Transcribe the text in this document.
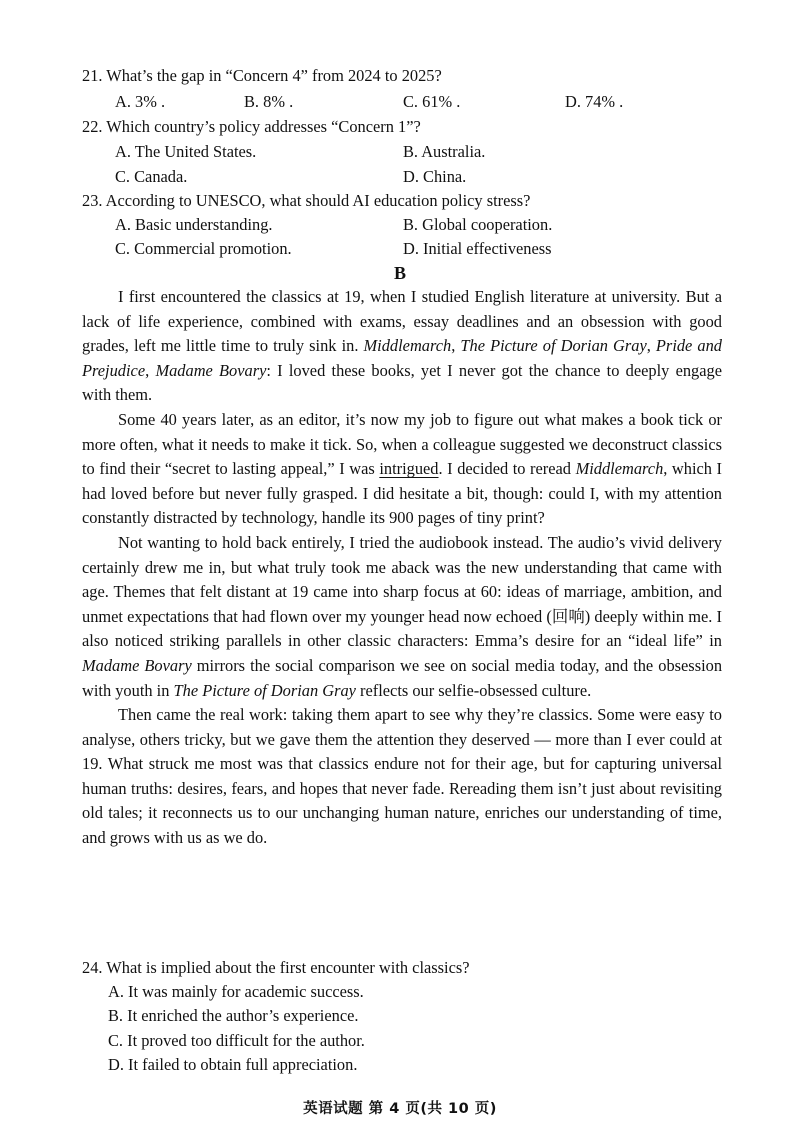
21. What’s the gap in “Concern 4” from 2024 to 2025?
A. 3% .	B. 8% .	C. 61% .	D. 74% .
22. Which country’s policy addresses “Concern 1”?
A. The United States.	B. Australia.
C. Canada.	D. China.
23. According to UNESCO, what should AI education policy stress?
A. Basic understanding.	B. Global cooperation.
C. Commercial promotion.	D. Initial effectiveness
B

I first encountered the classics at 19, when I studied English literature at university. But a lack of life experience, combined with exams, essay deadlines and an obsession with good grades, left me little time to truly sink in. Middlemarch, The Picture of Dorian Gray, Pride and Prejudice, Madame Bovary: I loved these books, yet I never got the chance to deeply engage with them.

Some 40 years later, as an editor, it’s now my job to figure out what makes a book tick or more often, what it needs to make it tick. So, when a colleague suggested we deconstruct classics to find their “secret to lasting appeal,” I was intrigued. I decided to reread Middlemarch, which I had loved before but never fully grasped. I did hesitate a bit, though: could I, with my attention constantly distracted by technology, handle its 900 pages of tiny print?

Not wanting to hold back entirely, I tried the audiobook instead. The audio’s vivid delivery certainly drew me in, but what truly took me aback was the new understanding that came with age. Themes that felt distant at 19 came into sharp focus at 60: ideas of marriage, ambition, and unmet expectations that had flown over my younger head now echoed (回响) deeply within me. I also noticed striking parallels in other classic characters: Emma’s desire for an “ideal life” in Madame Bovary mirrors the social comparison we see on social media today, and the obsession with youth in The Picture of Dorian Gray reflects our selfie-obsessed culture.

Then came the real work: taking them apart to see why they’re classics. Some were easy to analyse, others tricky, but we gave them the attention they deserved — more than I ever could at 19. What struck me most was that classics endure not for their age, but for capturing universal human truths: desires, fears, and hopes that never fade. Rereading them isn’t just about revisiting old tales; it reconnects us to our unchanging human nature, enriches our understanding of time, and grows with us as we do.

24. What is implied about the first encounter with classics?
A. It was mainly for academic success.
B. It enriched the author’s experience.
C. It proved too difficult for the author.
D. It failed to obtain full appreciation.
英语试题 第 4 页(共 10 页)
